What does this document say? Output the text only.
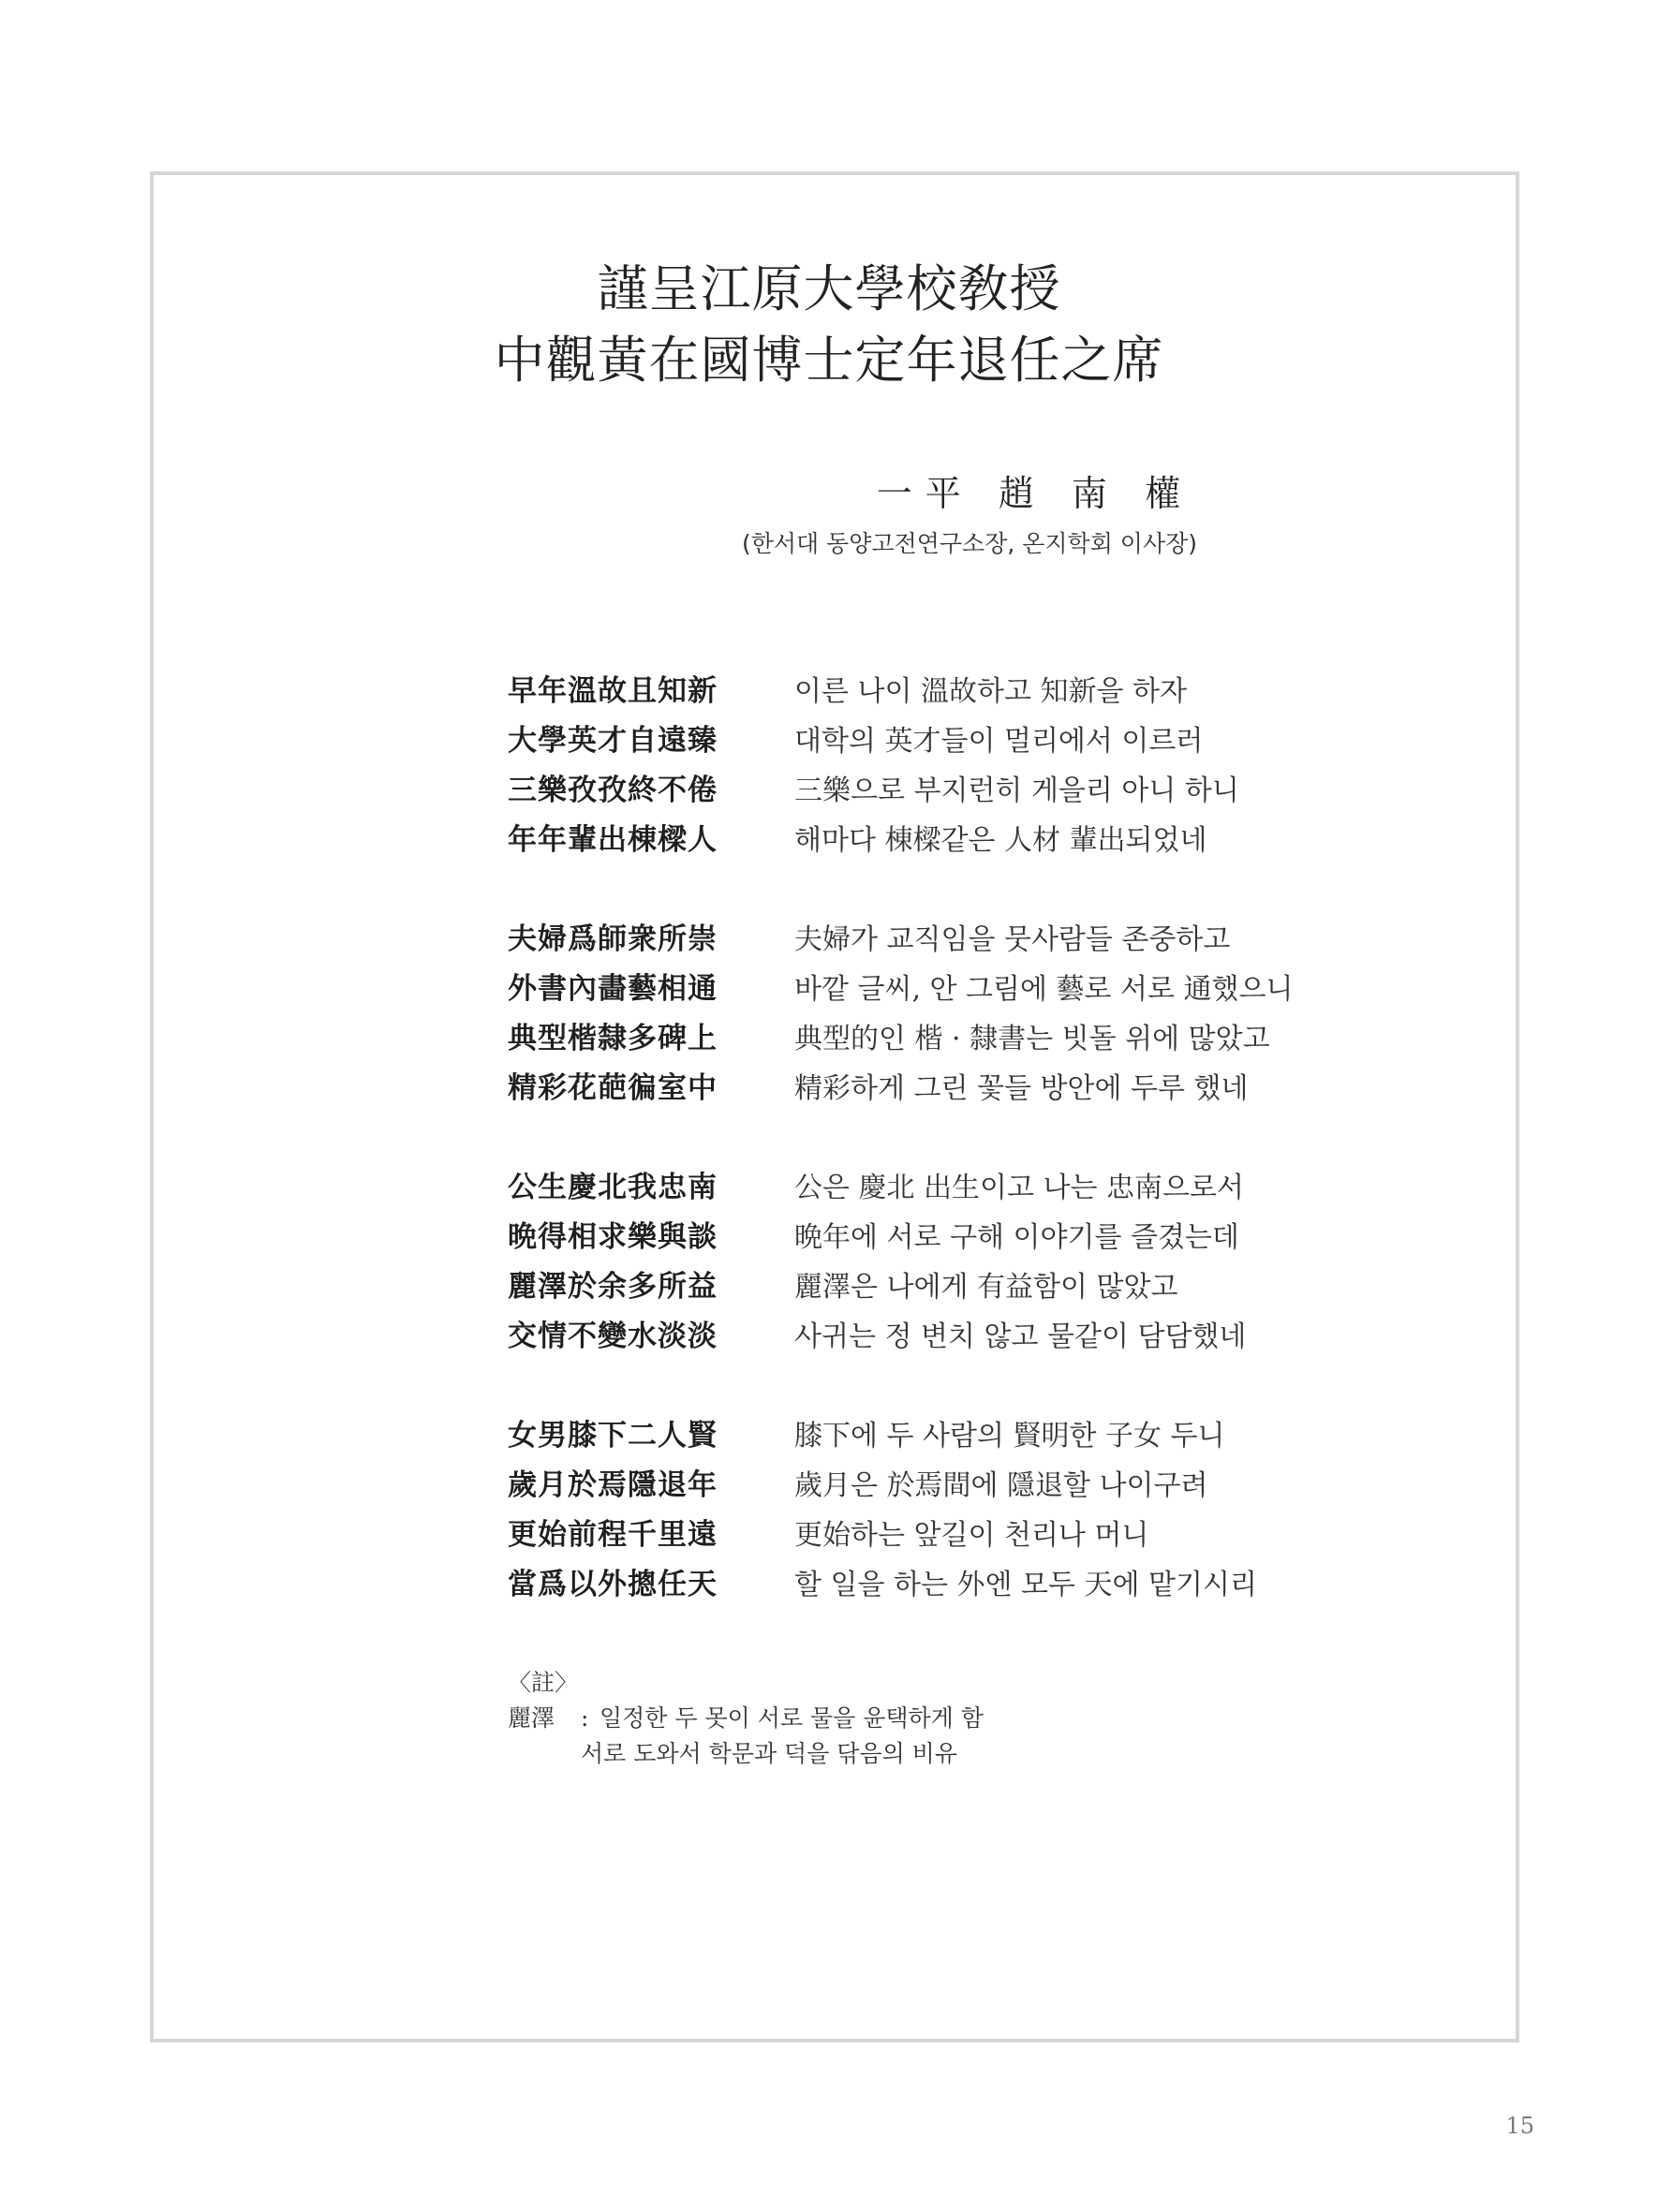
謹呈江原大學校敎授
中觀黃在國博士定年退任之席
一平 趙 南 權
(한서대 동양고전연구소장, 온지학회 이사장)
早年溫故且知新	이른 나이 溫故하고 知新을 하자
大學英才自遠臻	대학의 英才들이 멀리에서 이르러
三樂孜孜終不倦	三樂으로 부지런히 게을리 아니 하니
年年輩出棟樑人	해마다 棟樑같은 人材 輩出되었네
夫婦爲師衆所崇	夫婦가 교직임을 뭇사람들 존중하고
外書內畵藝相通	바깥 글씨, 안 그림에 藝로 서로 通했으니
典型楷隸多碑上	典型的인 楷 · 隸書는 빗돌 위에 많았고
精彩花葩徧室中	精彩하게 그린 꽃들 방안에 두루 했네
公生慶北我忠南	公은 慶北 出生이고 나는 忠南으로서
晩得相求樂與談	晩年에 서로 구해 이야기를 즐겼는데
麗澤於余多所益	麗澤은 나에게 有益함이 많았고
交情不變水淡淡	사귀는 정 변치 않고 물같이 담담했네
女男膝下二人賢	膝下에 두 사람의 賢明한 子女 두니
歲月於焉隱退年	歲月은 於焉間에 隱退할 나이구려
更始前程千里遠	更始하는 앞길이 천리나 머니
當爲以外摠任天	할 일을 하는 外엔 모두 天에 맡기시리
〈註〉
麗澤	: 일정한 두 못이 서로 물을 윤택하게 함
서로 도와서 학문과 덕을 닦음의 비유
15
